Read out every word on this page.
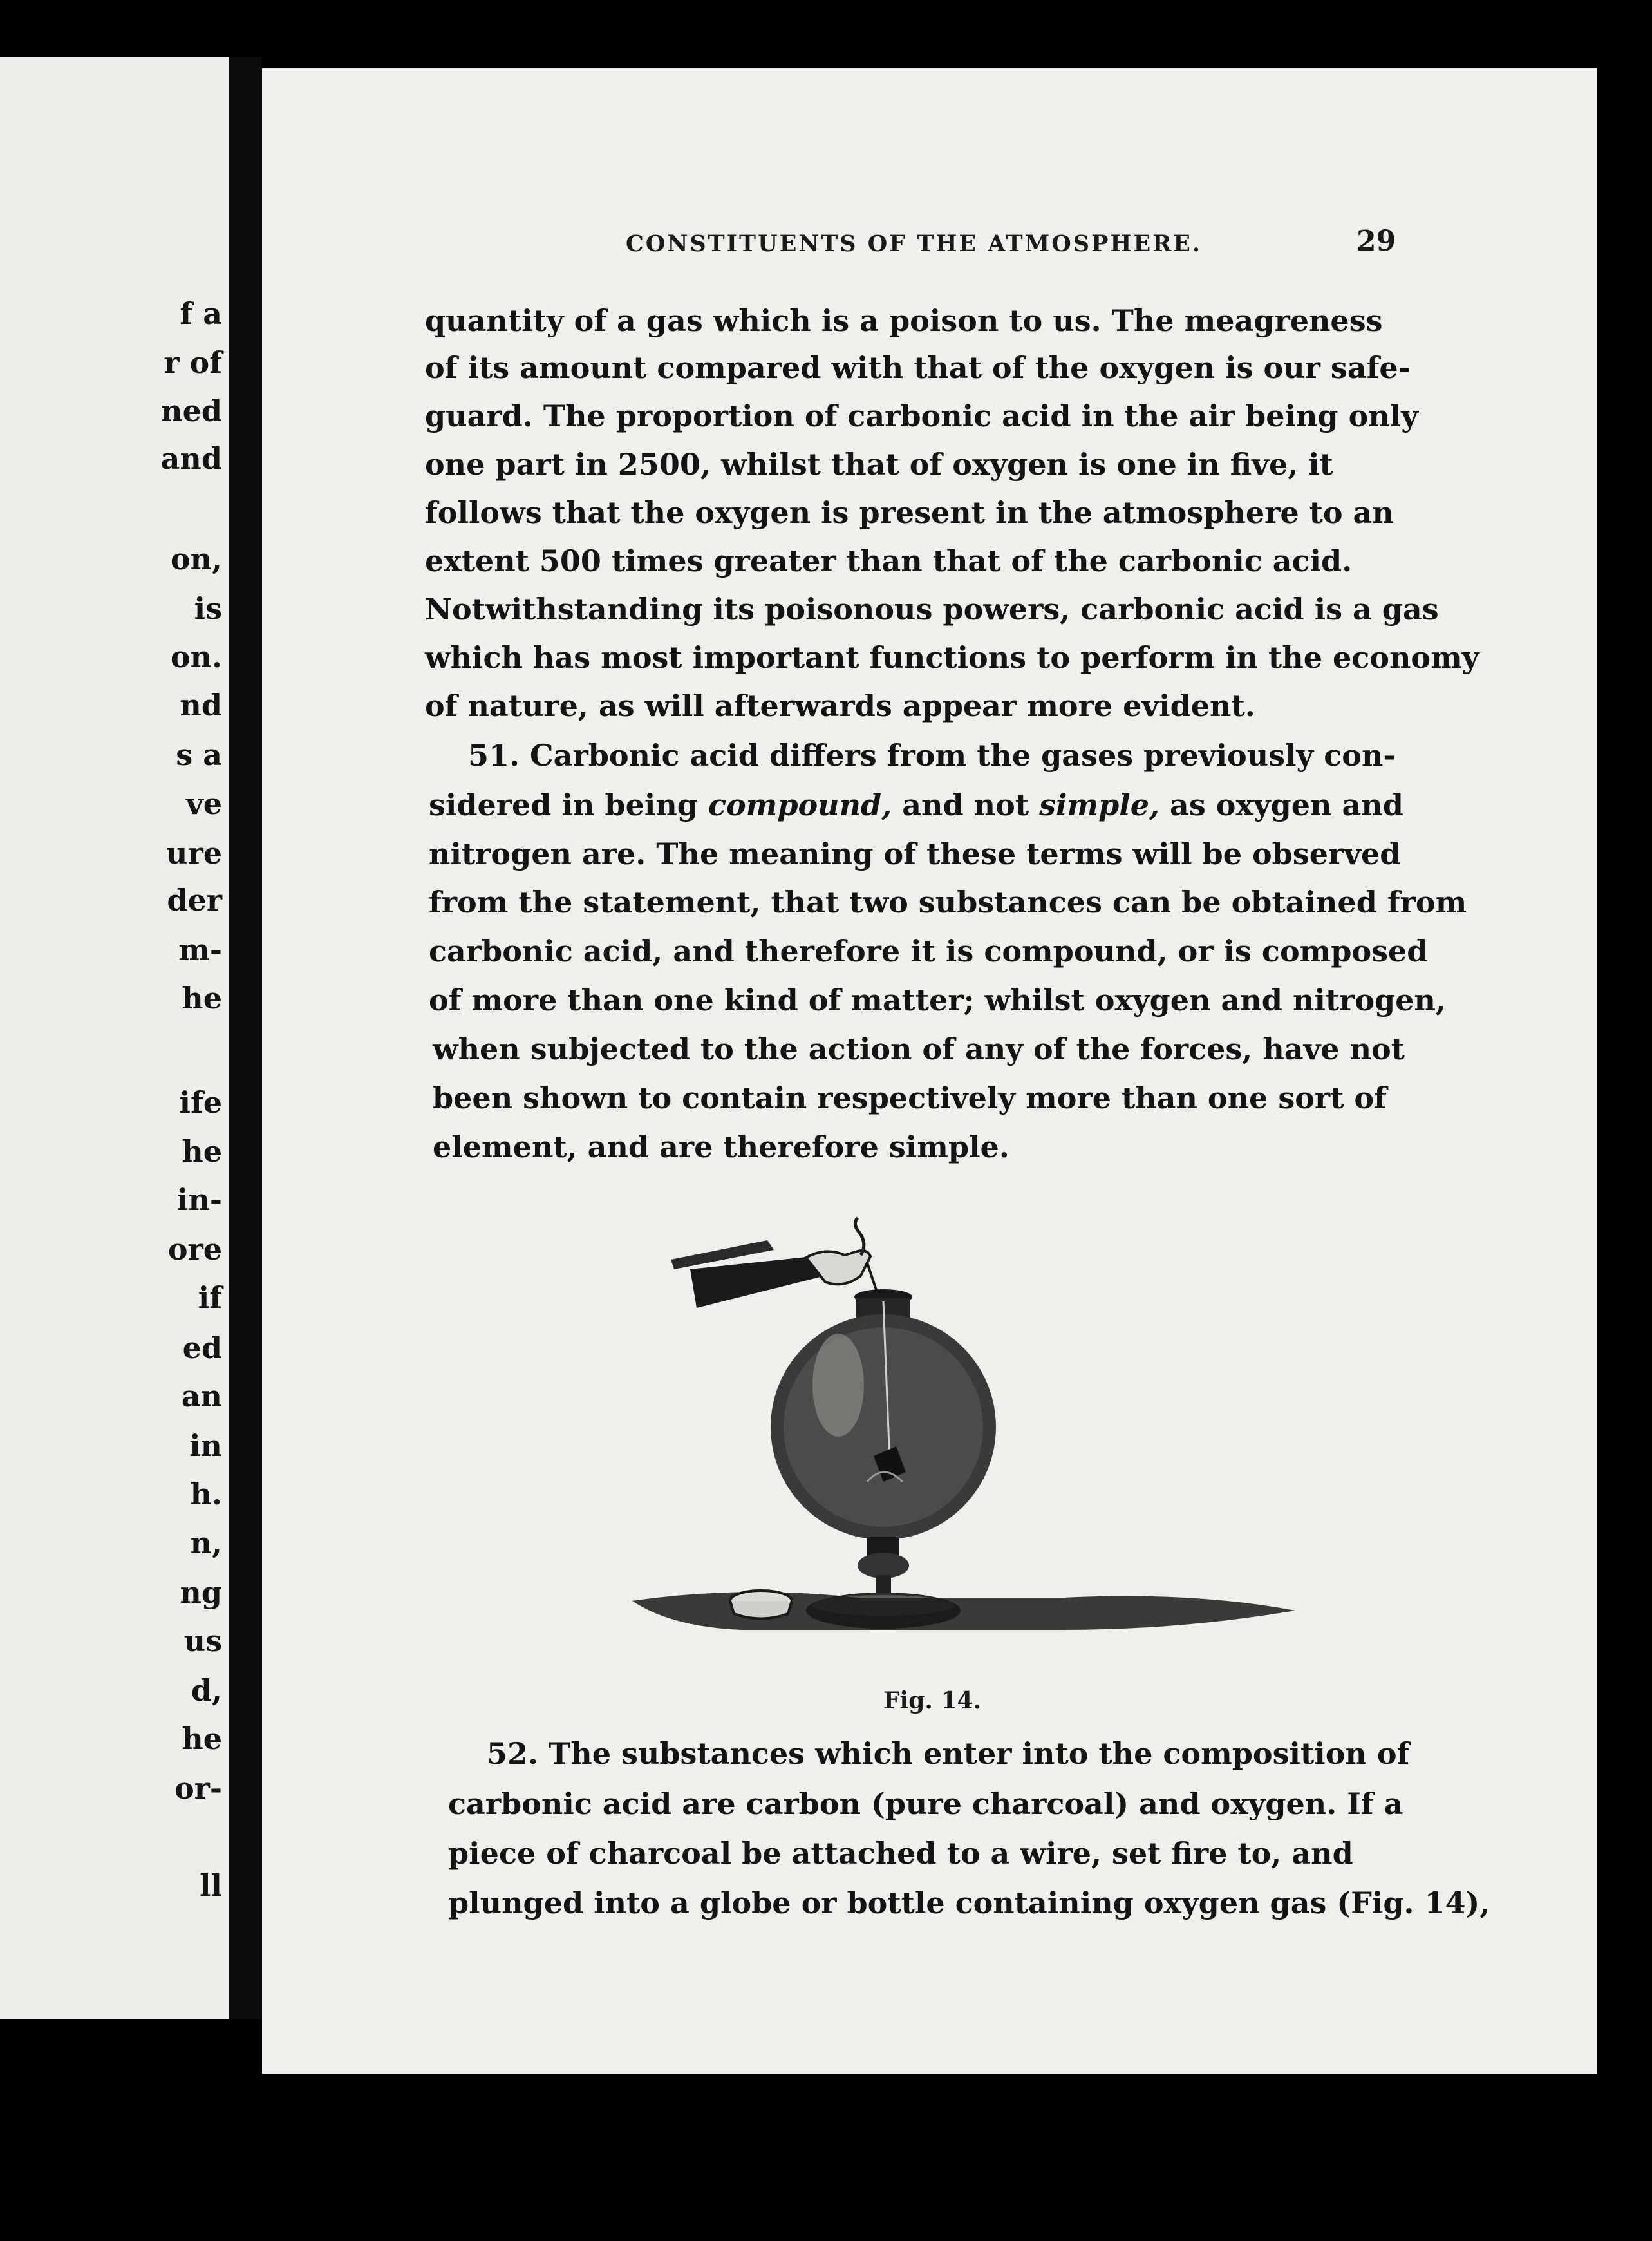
f a
r of
ned
and
on,
is
on.
nd
s a
ve
ure
der
m-
he
ife
he
in-
ore
if
ed
an
in
h.
n,
ng
us
d,
he
or-
ll
CONSTITUENTS OF THE ATMOSPHERE.	29
quantity of a gas which is a poison to us. The meagreness
of its amount compared with that of the oxygen is our safe-
guard. The proportion of carbonic acid in the air being only
one part in 2500, whilst that of oxygen is one in five, it
follows that the oxygen is present in the atmosphere to an
extent 500 times greater than that of the carbonic acid.
Notwithstanding its poisonous powers, carbonic acid is a gas
which has most important functions to perform in the economy
of nature, as will afterwards appear more evident.
51. Carbonic acid differs from the gases previously con-
sidered in being compound, and not simple, as oxygen and
nitrogen are. The meaning of these terms will be observed
from the statement, that two substances can be obtained from
carbonic acid, and therefore it is compound, or is composed
of more than one kind of matter; whilst oxygen and nitrogen,
when subjected to the action of any of the forces, have not
been shown to contain respectively more than one sort of
element, and are therefore simple.
Fig. 14.
52. The substances which enter into the composition of
carbonic acid are carbon (pure charcoal) and oxygen. If a
piece of charcoal be attached to a wire, set fire to, and
plunged into a globe or bottle containing oxygen gas (Fig. 14),
